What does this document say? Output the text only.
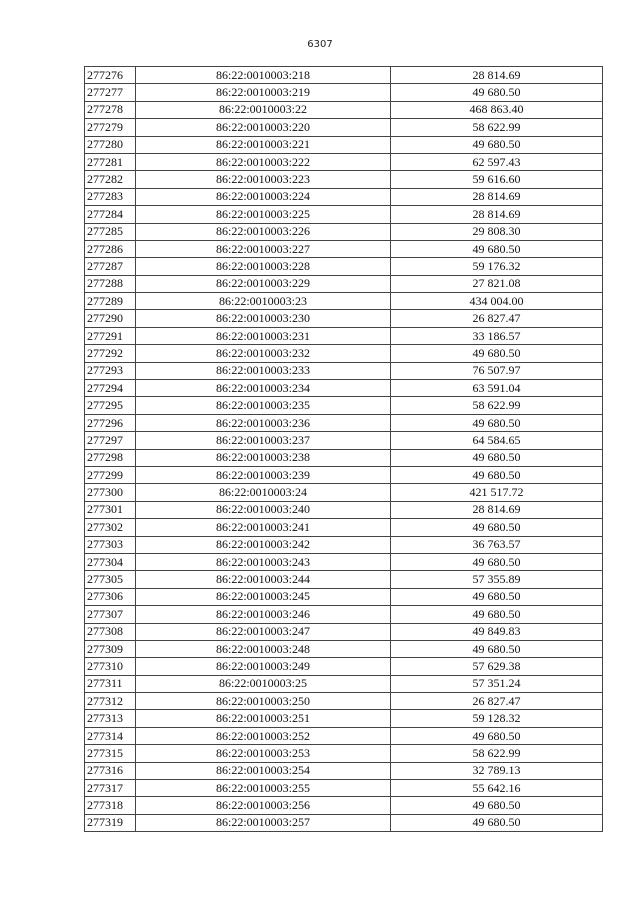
6307
277276	86:22:0010003:218	28 814.69
277277	86:22:0010003:219	49 680.50
277278	86:22:0010003:22	468 863.40
277279	86:22:0010003:220	58 622.99
277280	86:22:0010003:221	49 680.50
277281	86:22:0010003:222	62 597.43
277282	86:22:0010003:223	59 616.60
277283	86:22:0010003:224	28 814.69
277284	86:22:0010003:225	28 814.69
277285	86:22:0010003:226	29 808.30
277286	86:22:0010003:227	49 680.50
277287	86:22:0010003:228	59 176.32
277288	86:22:0010003:229	27 821.08
277289	86:22:0010003:23	434 004.00
277290	86:22:0010003:230	26 827.47
277291	86:22:0010003:231	33 186.57
277292	86:22:0010003:232	49 680.50
277293	86:22:0010003:233	76 507.97
277294	86:22:0010003:234	63 591.04
277295	86:22:0010003:235	58 622.99
277296	86:22:0010003:236	49 680.50
277297	86:22:0010003:237	64 584.65
277298	86:22:0010003:238	49 680.50
277299	86:22:0010003:239	49 680.50
277300	86:22:0010003:24	421 517.72
277301	86:22:0010003:240	28 814.69
277302	86:22:0010003:241	49 680.50
277303	86:22:0010003:242	36 763.57
277304	86:22:0010003:243	49 680.50
277305	86:22:0010003:244	57 355.89
277306	86:22:0010003:245	49 680.50
277307	86:22:0010003:246	49 680.50
277308	86:22:0010003:247	49 849.83
277309	86:22:0010003:248	49 680.50
277310	86:22:0010003:249	57 629.38
277311	86:22:0010003:25	57 351.24
277312	86:22:0010003:250	26 827.47
277313	86:22:0010003:251	59 128.32
277314	86:22:0010003:252	49 680.50
277315	86:22:0010003:253	58 622.99
277316	86:22:0010003:254	32 789.13
277317	86:22:0010003:255	55 642.16
277318	86:22:0010003:256	49 680.50
277319	86:22:0010003:257	49 680.50
